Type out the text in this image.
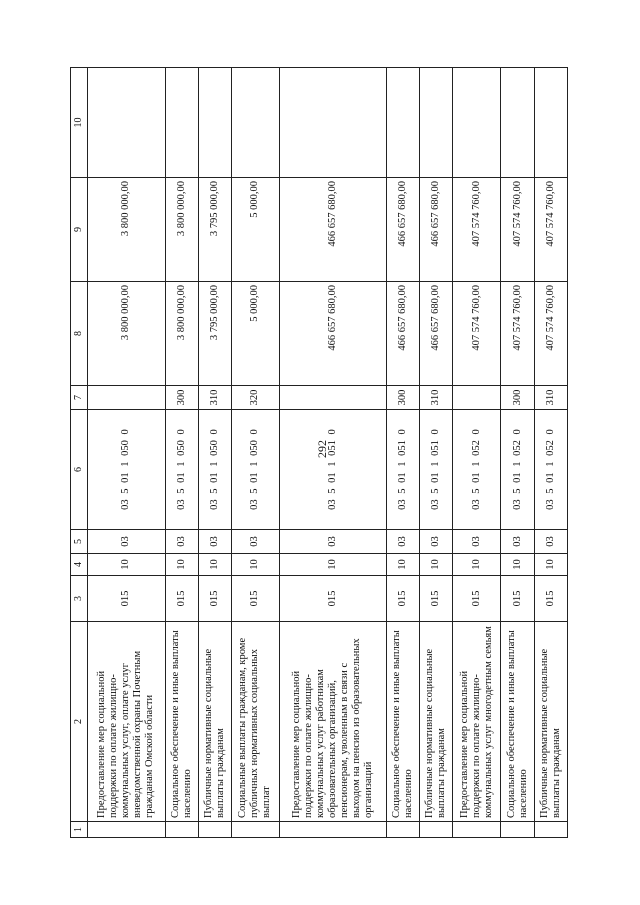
292
1	2	3	4	5	6	7	8	9	10
	Предоставление мер социальной поддержки по оплате жилищно-коммунальных услуг, оплате услуг вневедомственной охраны Почетным гражданам Омской области	015	10	03	03 5 01 1 050 0		3 800 000,00	3 800 000,00	
	Социальное обеспечение и иные выплаты населению	015	10	03	03 5 01 1 050 0	300	3 800 000,00	3 800 000,00	
	Публичные нормативные социальные выплаты гражданам	015	10	03	03 5 01 1 050 0	310	3 795 000,00	3 795 000,00	
	Социальные выплаты гражданам, кроме публичных нормативных социальных выплат	015	10	03	03 5 01 1 050 0	320	5 000,00	5 000,00	
	Предоставление мер социальной поддержки по оплате жилищно-коммунальных услуг работникам образовательных организаций, пенсионерам, уволенным в связи с выходом на пенсию из образовательных организаций	015	10	03	03 5 01 1 051 0		466 657 680,00	466 657 680,00	
	Социальное обеспечение и иные выплаты населению	015	10	03	03 5 01 1 051 0	300	466 657 680,00	466 657 680,00	
	Публичные нормативные социальные выплаты гражданам	015	10	03	03 5 01 1 051 0	310	466 657 680,00	466 657 680,00	
	Предоставление мер социальной поддержки по оплате жилищно-коммунальных услуг многодетным семьям	015	10	03	03 5 01 1 052 0		407 574 760,00	407 574 760,00	
	Социальное обеспечение и иные выплаты населению	015	10	03	03 5 01 1 052 0	300	407 574 760,00	407 574 760,00	
	Публичные нормативные социальные выплаты гражданам	015	10	03	03 5 01 1 052 0	310	407 574 760,00	407 574 760,00	
